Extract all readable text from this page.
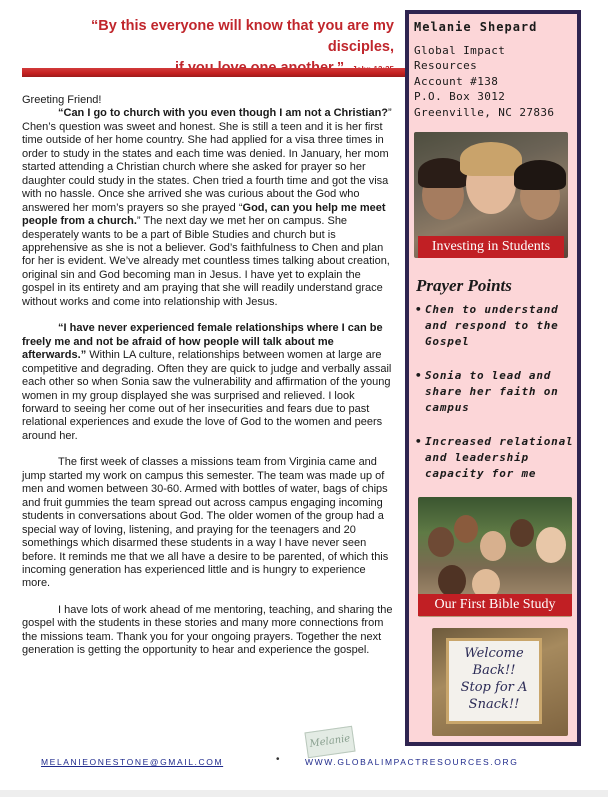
“By this everyone will know that you are my disciples,

Greeting Friend!

“Can I go to church with you even though I am not a Christian?” Chen’s question was sweet and honest. She is still a teen and it is her first time outside of her home country. She had applied for a visa three times in order to study in the states and each time was denied. In January, her mom started attending a Christian church where she asked for prayer so her daughter could study in the states. Chen tried a fourth time and got the visa with no hassle. Once she arrived she was curious about the God who answered her mom’s prayers so she prayed “God, can you help me meet people from a church.” The next day we met her on campus. She desperately wants to be a part of Bible Studies and church but is apprehensive as she is not a believer. God’s faithfulness to Chen and plan for her is evident. We’ve already met countless times talking about creation, original sin and God becoming man in Jesus. I have yet to explain the gospel in its entirety and am praying that she will readily understand grace without works and come into relationship with Jesus.

“I have never experienced female relationships where I can be freely me and not be afraid of how people will talk about me afterwards.” Within LA culture, relationships between women at large are competitive and degrading. Often they are quick to judge and verbally assail each other so when Sonia saw the vulnerability and affirmation of the young women in my group displayed she was surprised and relieved. I look forward to seeing her come out of her insecurities and fears due to past relational experiences and exude the love of God to the women and peers around her.

The first week of classes a missions team from Virginia came and jump started my work on campus this semester. The team was made up of men and women between 30-60. Armed with bottles of water, bags of chips and fruit gummies the team spread out across campus engaging incoming students in conversations about God. The older women of the group had a special way of loving, listening, and praying for the teenagers and 20 somethings which disarmed these students in a way I have never seen before. It reminds me that we all have a desire to be parented, of which this incoming generation has experienced little and is hungry to experience more.

I have lots of work ahead of me mentoring, teaching, and sharing the gospel with the students in these stories and many more connections from the missions team. Thank you for your ongoing prayers. Together the next generation is getting the opportunity to hear and experience the gospel.

Melanie Shepard
Global Impact
Resources
Account #138
P.O. Box 3012
Greenville, NC 27836
Investing in Students
Prayer Points
• Chen to understand and respond to the Gospel
• Sonia to lead and share her faith on campus
• Increased relational and leadership capacity for me
Our First Bible Study
Welcome
Back!!
Stop for A
Snack!!
Melanie
MELANIEONESTONE@GMAIL.COM	•	WWW.GLOBALIMPACTRESOURCES.ORG
